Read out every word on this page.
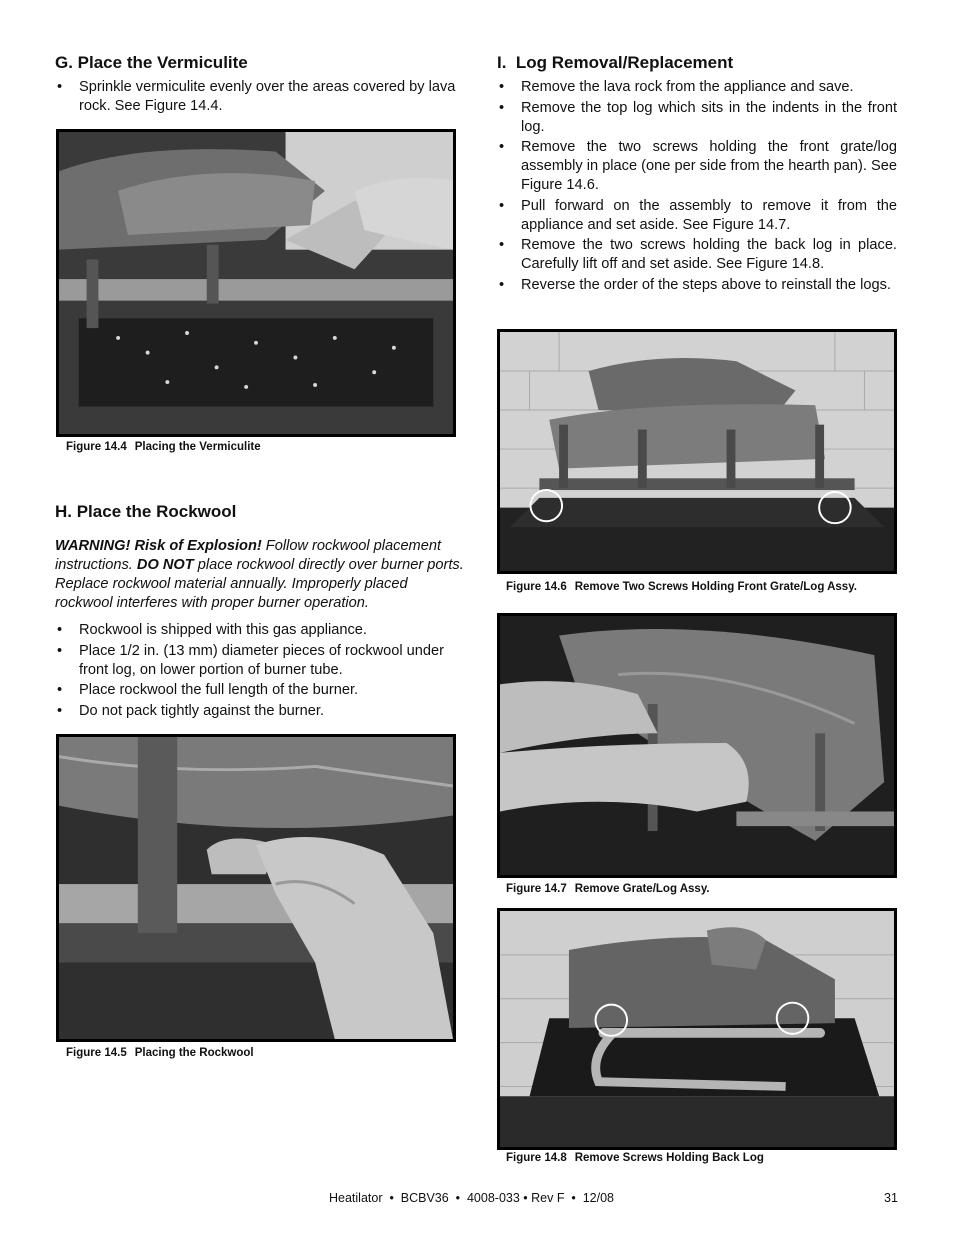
G. Place the Vermiculite
• Sprinkle vermiculite evenly over the areas covered by lava rock. See Figure 14.4.
Figure 14.4 Placing the Vermiculite
H. Place the Rockwool

WARNING! Risk of Explosion! Follow rockwool placement instructions. DO NOT place rockwool directly over burner ports. Replace rockwool material annually. Improperly placed rockwool interferes with proper burner operation.

• Rockwool is shipped with this gas appliance.
• Place 1/2 in. (13 mm) diameter pieces of rockwool under front log, on lower portion of burner tube.
• Place rockwool the full length of the burner.
• Do not pack tightly against the burner.
Figure 14.5 Placing the Rockwool
I.  Log Removal/Replacement
• Remove the lava rock from the appliance and save.
• Remove the top log which sits in the indents in the front log.
• Remove the two screws holding the front grate/log assembly in place (one per side from the hearth pan). See Figure 14.6.
• Pull forward on the assembly to remove it from the appliance and set aside. See Figure 14.7.
• Remove the two screws holding the back log in place. Carefully lift off and set aside. See Figure 14.8.
• Reverse the order of the steps above to reinstall the logs.
Figure 14.6 Remove Two Screws Holding Front Grate/Log Assy.
Figure 14.7 Remove Grate/Log Assy.
Figure 14.8 Remove Screws Holding Back Log
Heatilator  •  BCBV36  •  4008-033 • Rev F  •  12/08	31
